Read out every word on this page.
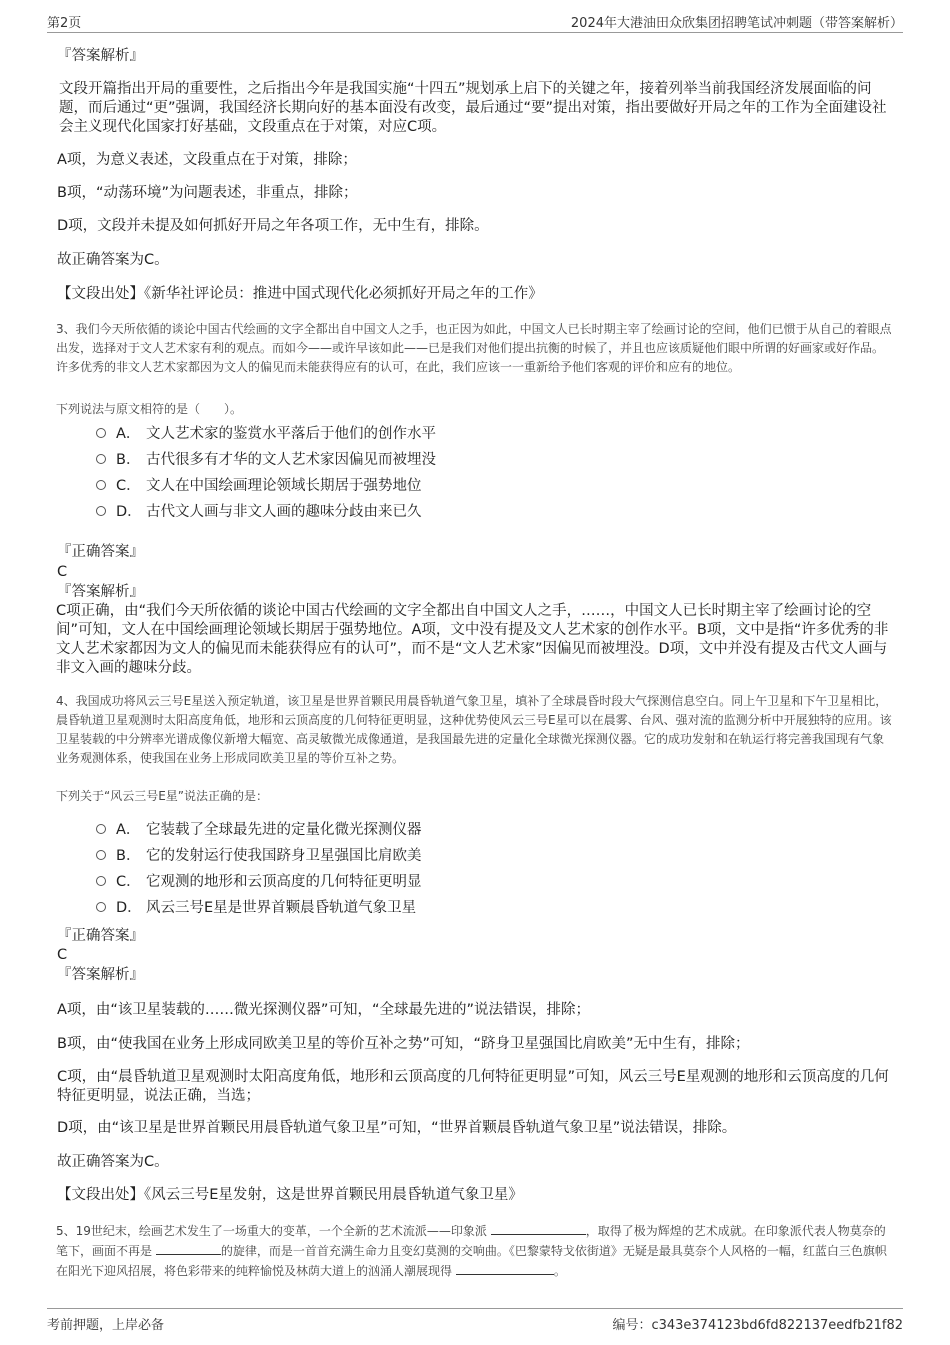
第2页	2024年大港油田众欣集团招聘笔试冲刺题（带答案解析）

『答案解析』

文段开篇指出开局的重要性，之后指出今年是我国实施“十四五”规划承上启下的关键之年，接着列举当前我国经济发展面临的问题，而后通过“更”强调，我国经济长期向好的基本面没有改变，最后通过“要”提出对策，指出要做好开局之年的工作为全面建设社会主义现代化国家打好基础，文段重点在于对策，对应C项。

A项，为意义表述，文段重点在于对策，排除；

B项，“动荡环境”为问题表述，非重点，排除；

D项，文段并未提及如何抓好开局之年各项工作，无中生有，排除。

故正确答案为C。

【文段出处】《新华社评论员：推进中国式现代化必须抓好开局之年的工作》

3、我们今天所依循的谈论中国古代绘画的文字全都出自中国文人之手，也正因为如此，中国文人已长时期主宰了绘画讨论的空间，他们已惯于从自己的着眼点出发，选择对于文人艺术家有利的观点。而如今——或许早该如此——已是我们对他们提出抗衡的时候了，并且也应该质疑他们眼中所谓的好画家或好作品。许多优秀的非文人艺术家都因为文人的偏见而未能获得应有的认可，在此，我们应该一一重新给予他们客观的评价和应有的地位。

下列说法与原文相符的是（　　）。

A． 文人艺术家的鉴赏水平落后于他们的创作水平
B． 古代很多有才华的文人艺术家因偏见而被埋没
C． 文人在中国绘画理论领域长期居于强势地位
D． 古代文人画与非文人画的趣味分歧由来已久

『正确答案』

C

『答案解析』

C项正确，由“我们今天所依循的谈论中国古代绘画的文字全都出自中国文人之手，……，中国文人已长时期主宰了绘画讨论的空间”可知，文人在中国绘画理论领域长期居于强势地位。A项，文中没有提及文人艺术家的创作水平。B项，文中是指“许多优秀的非文人艺术家都因为文人的偏见而未能获得应有的认可”，而不是“文人艺术家”因偏见而被埋没。D项，文中并没有提及古代文人画与非文入画的趣味分歧。

4、我国成功将风云三号E星送入预定轨道，该卫星是世界首颗民用晨昏轨道气象卫星，填补了全球晨昏时段大气探测信息空白。同上午卫星和下午卫星相比，晨昏轨道卫星观测时太阳高度角低，地形和云顶高度的几何特征更明显，这种优势使风云三号E星可以在晨雾、台风、强对流的监测分析中开展独特的应用。该卫星装载的中分辨率光谱成像仪新增大幅宽、高灵敏微光成像通道，是我国最先进的定量化全球微光探测仪器。它的成功发射和在轨运行将完善我国现有气象业务观测体系，使我国在业务上形成同欧美卫星的等价互补之势。

下列关于“风云三号E星”说法正确的是：

A． 它装载了全球最先进的定量化微光探测仪器
B． 它的发射运行使我国跻身卫星强国比肩欧美
C． 它观测的地形和云顶高度的几何特征更明显
D． 风云三号E星是世界首颗晨昏轨道气象卫星

『正确答案』

C

『答案解析』

A项，由“该卫星装载的……微光探测仪器”可知，“全球最先进的”说法错误，排除；

B项，由“使我国在业务上形成同欧美卫星的等价互补之势”可知，“跻身卫星强国比肩欧美”无中生有，排除；

C项，由“晨昏轨道卫星观测时太阳高度角低，地形和云顶高度的几何特征更明显”可知，风云三号E星观测的地形和云顶高度的几何特征更明显，说法正确，当选；

D项，由“该卫星是世界首颗民用晨昏轨道气象卫星”可知，“世界首颗晨昏轨道气象卫星”说法错误，排除。

故正确答案为C。

【文段出处】《风云三号E星发射，这是世界首颗民用晨昏轨道气象卫星》

5、19世纪末，绘画艺术发生了一场重大的变革，一个全新的艺术流派——印象派	，取得了极为辉煌的艺术成就。在印象派代表人物莫奈的笔下，画面不再是	的旋律，而是一首首充满生命力且变幻莫测的交响曲。《巴黎蒙特戈依街道》无疑是最具莫奈个人风格的一幅，红蓝白三色旗帜在阳光下迎风招展，将色彩带来的纯粹愉悦及林荫大道上的汹涌人潮展现得	。

考前押题，上岸必备	编号：c343e374123bd6fd822137eedfb21f82
